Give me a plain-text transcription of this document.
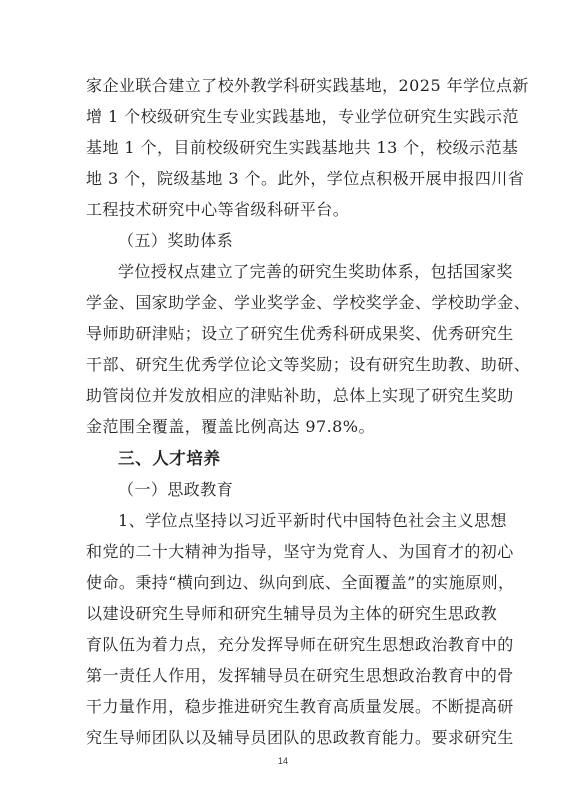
家企业联合建立了校外教学科研实践基地，2025 年学位点新
增 1 个校级研究生专业实践基地，专业学位研究生实践示范
基地 1 个，目前校级研究生实践基地共 13 个，校级示范基
地 3 个，院级基地 3 个。此外，学位点积极开展申报四川省
工程技术研究中心等省级科研平台。
（五）奖助体系
学位授权点建立了完善的研究生奖助体系，包括国家奖
学金、国家助学金、学业奖学金、学校奖学金、学校助学金、
导师助研津贴；设立了研究生优秀科研成果奖、优秀研究生
干部、研究生优秀学位论文等奖励；设有研究生助教、助研、
助管岗位并发放相应的津贴补助，总体上实现了研究生奖助
金范围全覆盖，覆盖比例高达 97.8%。
三、人才培养
（一）思政教育
1、学位点坚持以习近平新时代中国特色社会主义思想
和党的二十大精神为指导，坚守为党育人、为国育才的初心
使命。秉持“横向到边、纵向到底、全面覆盖”的实施原则，
以建设研究生导师和研究生辅导员为主体的研究生思政教
育队伍为着力点，充分发挥导师在研究生思想政治教育中的
第一责任人作用，发挥辅导员在研究生思想政治教育中的骨
干力量作用，稳步推进研究生教育高质量发展。不断提高研
究生导师团队以及辅导员团队的思政教育能力。要求研究生
14
